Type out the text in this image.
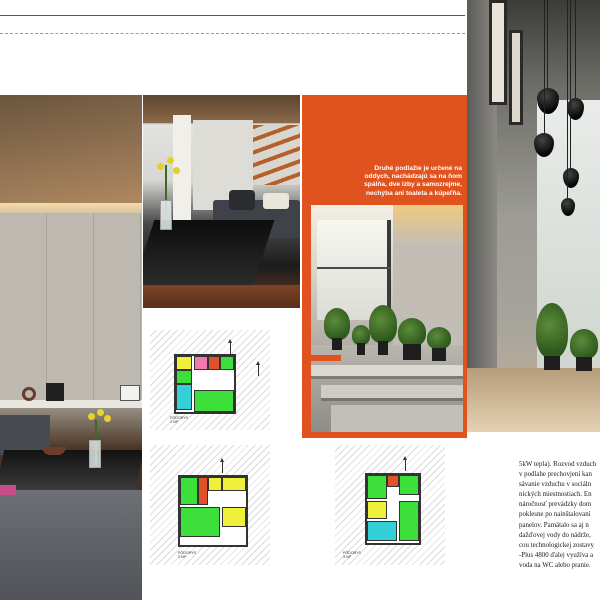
Druhé podlažie je určené na
oddych, nachádzajú sa na ňom
spálňa, dve izby a samozrejme,
nechýba ani toaleta a kúpeľňa.
PÔDORYS
1.NP
PÔDORYS
2.NP
PÔDORYS
3.NP
5kW tepla). Rozvod vzduch
v podlahe prechovjení kan
sávanie vzduchu v sociáln
nických miestnostiach. En
náročnosť prevádzky dom
poklesne po nainštalovaní
panelov. Pamätalo sa aj n
dažďovej vody do nádrže,
cou technologickej zostavy
-Plus 4800 ďalej využíva a
voda na WC alebo pranie.
